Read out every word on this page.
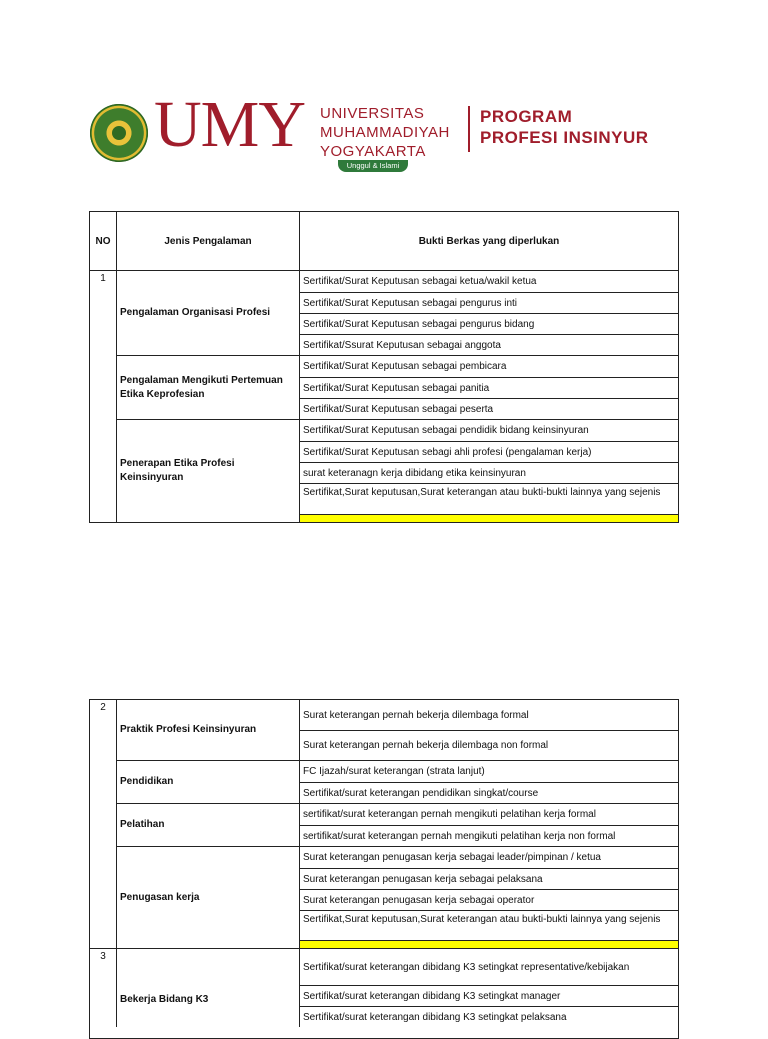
UMY UNIVERSITAS
MUHAMMADIYAH
YOGYAKARTA
Unggul & Islami
PROGRAM
PROFESI INSINYUR
NO	Jenis Pengalaman	Bukti Berkas yang diperlukan
1
Pengalaman Organisasi Profesi
Sertifikat/Surat Keputusan sebagai ketua/wakil ketua
Sertifikat/Surat Keputusan sebagai pengurus inti
Sertifikat/Surat Keputusan sebagai pengurus bidang
Sertifikat/Ssurat Keputusan sebagai anggota
Pengalaman Mengikuti Pertemuan Etika Keprofesian
Sertifikat/Surat Keputusan sebagai pembicara
Sertifikat/Surat Keputusan sebagai panitia
Sertifikat/Surat Keputusan sebagai peserta
Penerapan Etika Profesi Keinsinyuran
Sertifikat/Surat Keputusan sebagai pendidik bidang keinsinyuran
Sertifikat/Surat Keputusan sebagi ahli profesi (pengalaman kerja)
surat keteranagn kerja dibidang etika keinsinyuran
Sertifikat,Surat keputusan,Surat keterangan atau bukti-bukti lainnya yang sejenis
2
Praktik Profesi Keinsinyuran
Surat keterangan pernah bekerja dilembaga formal
Surat keterangan pernah bekerja dilembaga non formal
Pendidikan
FC Ijazah/surat keterangan (strata lanjut)
Sertifikat/surat keterangan pendidikan singkat/course
Pelatihan
sertifikat/surat keterangan pernah mengikuti pelatihan kerja formal
sertifikat/surat keterangan pernah mengikuti pelatihan kerja non formal
Penugasan kerja
Surat keterangan penugasan kerja sebagai leader/pimpinan / ketua
Surat keterangan penugasan kerja sebagai pelaksana
Surat keterangan penugasan kerja sebagai operator
Sertifikat,Surat keputusan,Surat keterangan atau bukti-bukti lainnya yang sejenis
3
Bekerja Bidang K3
Sertifikat/surat keterangan dibidang K3 setingkat representative/kebijakan
Sertifikat/surat keterangan dibidang K3 setingkat manager
Sertifikat/surat keterangan dibidang K3 setingkat pelaksana
